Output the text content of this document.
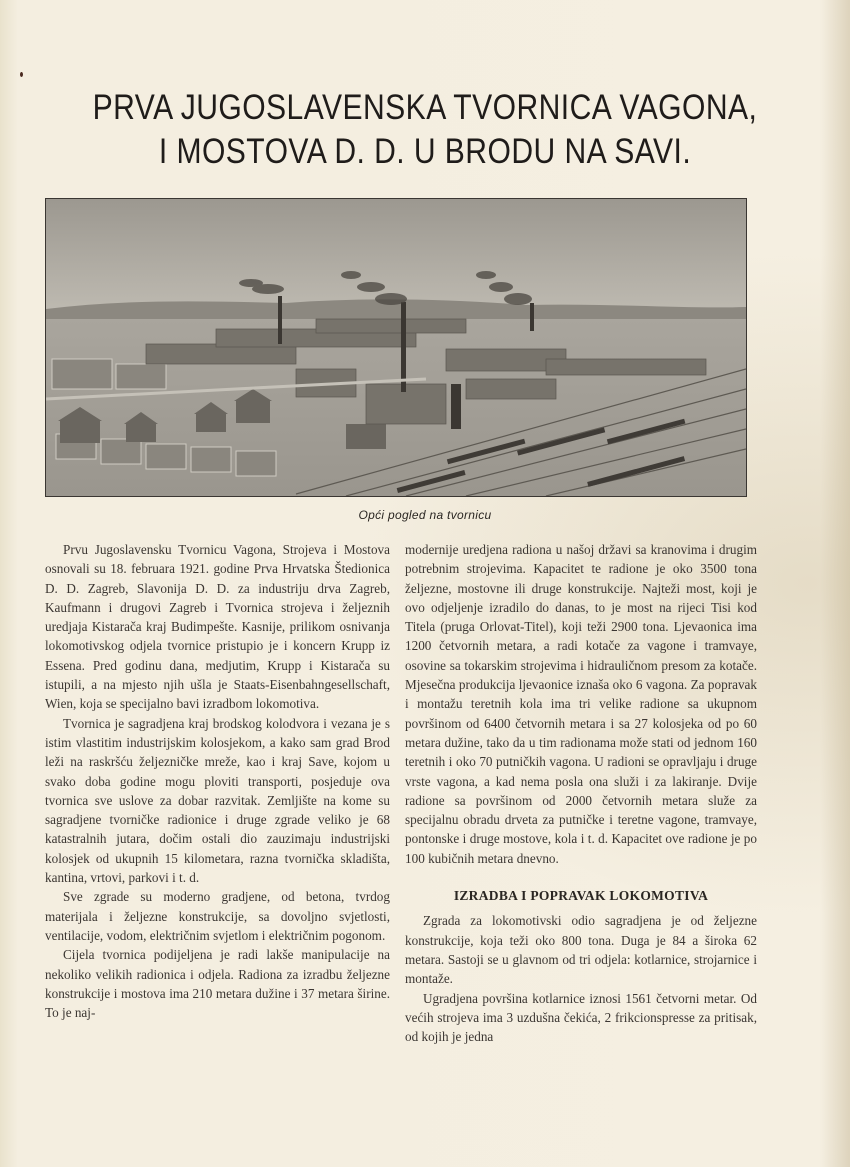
PRVA JUGOSLAVENSKA TVORNICA VAGONA,
I MOSTOVA D. D. U BRODU NA SAVI.
Opći pogled na tvornicu

Prvu Jugoslavensku Tvornicu Vagona, Strojeva i Mostova osnovali su 18. februara 1921. godine Prva Hrvatska Štedionica D. D. Zagreb, Slavonija D. D. za industriju drva Zagreb, Kaufmann i drugovi Zagreb i Tvornica strojeva i željeznih uredjaja Kistarača kraj Budimpešte. Kasnije, prilikom osnivanja lokomotivskog odjela tvornice pristupio je i koncern Krupp iz Essena. Pred godinu dana, medjutim, Krupp i Kistarača su istupili, a na mjesto njih ušla je Staats-Eisenbahngesellschaft, Wien, koja se specijalno bavi izradbom lokomotiva.

Tvornica je sagradjena kraj brodskog kolodvora i vezana je s istim vlastitim industrijskim kolosjekom, a kako sam grad Brod leži na raskršću željezničke mreže, kao i kraj Save, kojom u svako doba godine mogu ploviti transporti, posjeduje ova tvornica sve uslove za dobar razvitak. Zemljište na kome su sagradjene tvorničke radionice i druge zgrade veliko je 68 katastralnih jutara, dočim ostali dio zauzimaju industrijski kolosjek od ukupnih 15 kilometara, razna tvornička skladišta, kantina, vrtovi, parkovi i t. d.

Sve zgrade su moderno gradjene, od betona, tvrdog materijala i željezne konstrukcije, sa dovoljno svjetlosti, ventilacije, vodom, električnim svjetlom i električnim pogonom.

Cijela tvornica podijeljena je radi lakše manipulacije na nekoliko velikih radionica i odjela. Radiona za izradbu željezne konstrukcije i mostova ima 210 metara dužine i 37 metara širine. To je naj-

modernije uredjena radiona u našoj državi sa kranovima i drugim potrebnim strojevima. Kapacitet te radione je oko 3500 tona željezne, mostovne ili druge konstrukcije. Najteži most, koji je ovo odjeljenje izradilo do danas, to je most na rijeci Tisi kod Titela (pruga Orlovat-Titel), koji teži 2900 tona. Ljevaonica ima 1200 četvornih metara, a radi kotače za vagone i tramvaye, osovine sa tokarskim strojevima i hidrauličnom presom za kotače. Mjesečna produkcija ljevaonice iznaša oko 6 vagona. Za popravak i montažu teretnih kola ima tri velike radione sa ukupnom površinom od 6400 četvornih metara i sa 27 kolosjeka od po 60 metara dužine, tako da u tim radionama može stati od jednom 160 teretnih i oko 70 putničkih vagona. U radioni se opravljaju i druge vrste vagona, a kad nema posla ona služi i za lakiranje. Dvije radione sa površinom od 2000 četvornih metara služe za specijalnu obradu drveta za putničke i teretne vagone, tramvaye, pontonske i druge mostove, kola i t. d. Kapacitet ove radione je po 100 kubičnih metara dnevno.

IZRADBA I POPRAVAK LOKOMOTIVA

Zgrada za lokomotivski odio sagradjena je od željezne konstrukcije, koja teži oko 800 tona. Duga je 84 a široka 62 metara. Sastoji se u glavnom od tri odjela: kotlarnice, strojarnice i montaže.

Ugradjena površina kotlarnice iznosi 1561 četvorni metar. Od većih strojeva ima 3 uzdušna čekića, 2 frikcionspresse za pritisak, od kojih je jedna
